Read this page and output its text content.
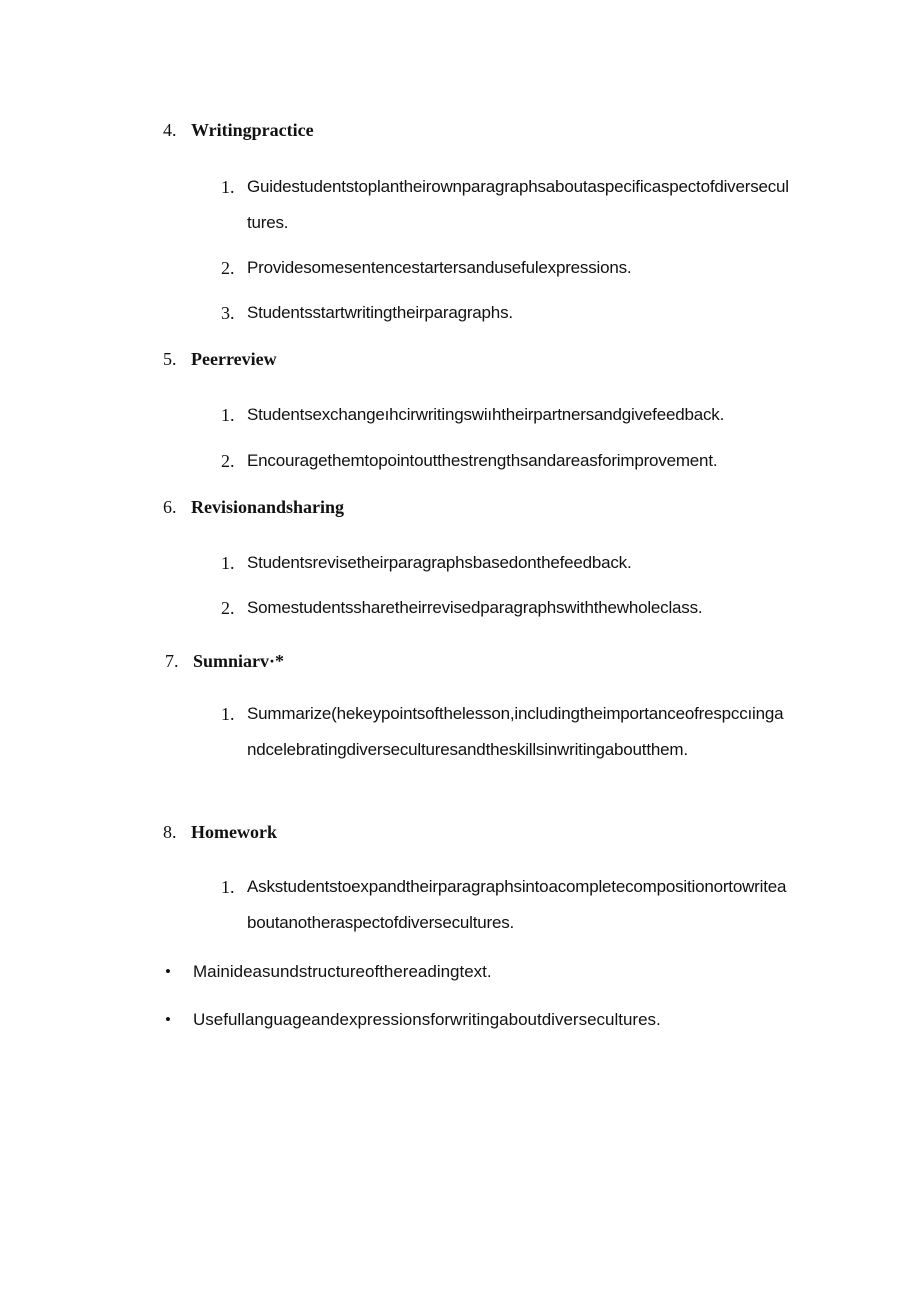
4. Writingpractice
1. Guidestudentstoplantheirownparagraphsaboutaspecificaspectofdiversecultures.
2. Providesomesentencestartersandusefulexpressions.
3. Studentsstartwritingtheirparagraphs.
5. Peerreview
1. Studentsexchangeıhcirwritingswiıhtheirpartnersandgivefeedback.
2. Encouragethemtopointoutthestrengthsandareasforimprovement.
6. Revisionandsharing
1. Studentsrevisetheirparagraphsbasedonthefeedback.
2. Somestudentssharetheirrevisedparagraphswiththewholeclass.
7. Sumniarv·*
1. Summarize(hekeypointsofthelesson,includingtheimportanceofrespccıingandcelebratingdiverseculturesandtheskillsinwritingaboutthem.
8. Homework
1. Askstudentstoexpandtheirparagraphsintoacompletecompositionortowriteaboutanotheraspectofdiversecultures.
• Mainideasundstructureofthereadingtext.
• Usefullanguageandexpressionsforwritingaboutdiversecultures.
